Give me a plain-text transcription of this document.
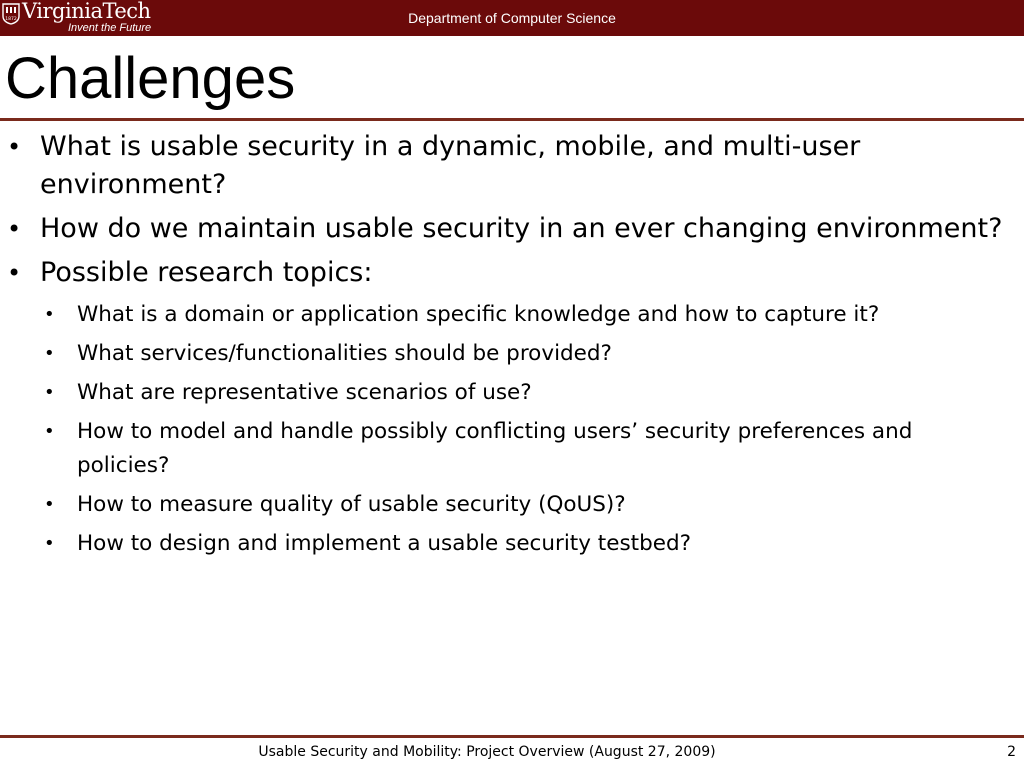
1872 VirginiaTech
Invent the Future
Department of Computer Science
Challenges
• What is usable security in a dynamic, mobile, and multi-user environment?
• How do we maintain usable security in an ever changing environment?
• Possible research topics:
• What is a domain or application specific knowledge and how to capture it?
• What services/functionalities should be provided?
• What are representative scenarios of use?
• How to model and handle possibly conflicting users’ security preferences and policies?
• How to measure quality of usable security (QoUS)?
• How to design and implement a usable security testbed?
Usable Security and Mobility: Project Overview (August 27, 2009)	2
